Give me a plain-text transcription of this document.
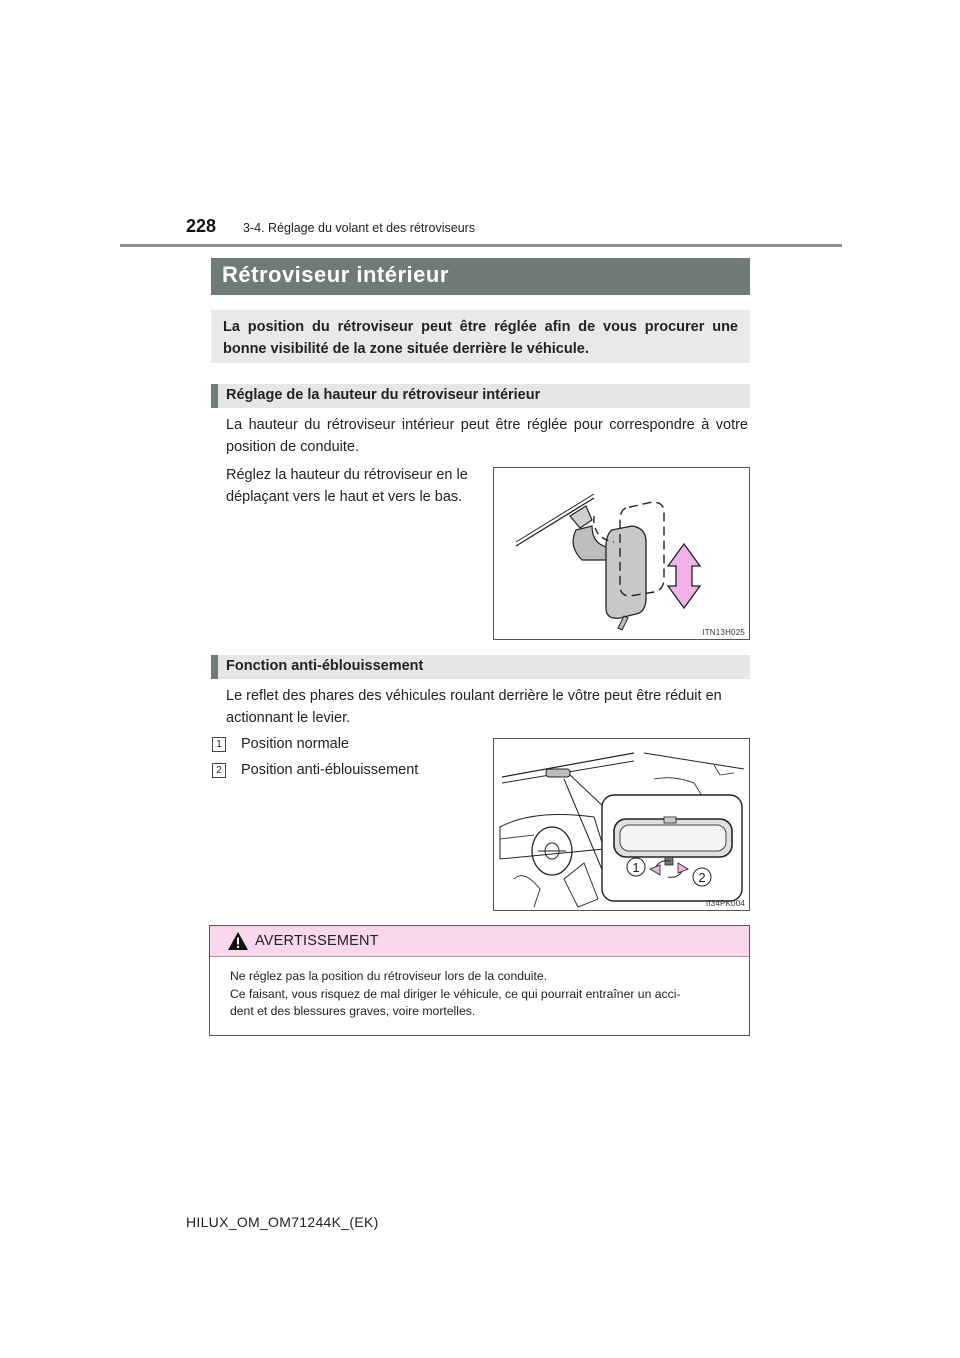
228 3-4. Réglage du volant et des rétroviseurs
Rétroviseur intérieur
La position du rétroviseur peut être réglée afin de vous procurer une bonne visibilité de la zone située derrière le véhicule.
Réglage de la hauteur du rétroviseur intérieur
La hauteur du rétroviseur intérieur peut être réglée pour correspondre à votre position de conduite.
Réglez la hauteur du rétroviseur en le
déplaçant vers le haut et vers le bas.
ITN13H025
Fonction anti-éblouissement
Le reflet des phares des véhicules roulant derrière le vôtre peut être réduit en
actionnant le levier.
1 Position normale
2 Position anti-éblouissement
1
2
II34PK004
AVERTISSEMENT
Ne réglez pas la position du rétroviseur lors de la conduite.
Ce faisant, vous risquez de mal diriger le véhicule, ce qui pourrait entraîner un acci-
dent et des blessures graves, voire mortelles.
HILUX_OM_OM71244K_(EK)
